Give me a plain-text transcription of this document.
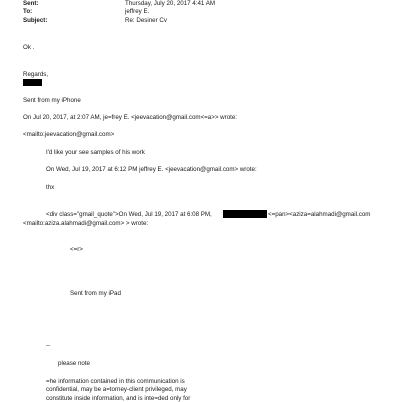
Sent:	Thursday, July 20, 2017 4:41 AM
To:	jeffrey E.
Subject:	Re: Desiner Cv
Ok .
Regards,
Sent from my iPhone
On Jul 20, 2017, at 2:07 AM, je=frey E. <jeevacation@gmail.com<=a>> wrote:
<mailto:jeevacation@gmail.com>
I'd like your see samples of his work
On Wed, Jul 19, 2017 at 6:12 PM jeffrey E. <jeevacation@gmail.com> wrote:
thx
<div class="gmail_quote">On Wed, Jul 19, 2017 at 6:08 PM,	<=pan><aziza=alahmadi@gmail.com
<mailto:aziza.alahmadi@gmail.com> > wrote:
<=r>
Sent from my iPad
--
please note
=he information contained in this communication is
confidential, may be a=torney-client privileged, may
constitute inside information, and is inte=ded only for
